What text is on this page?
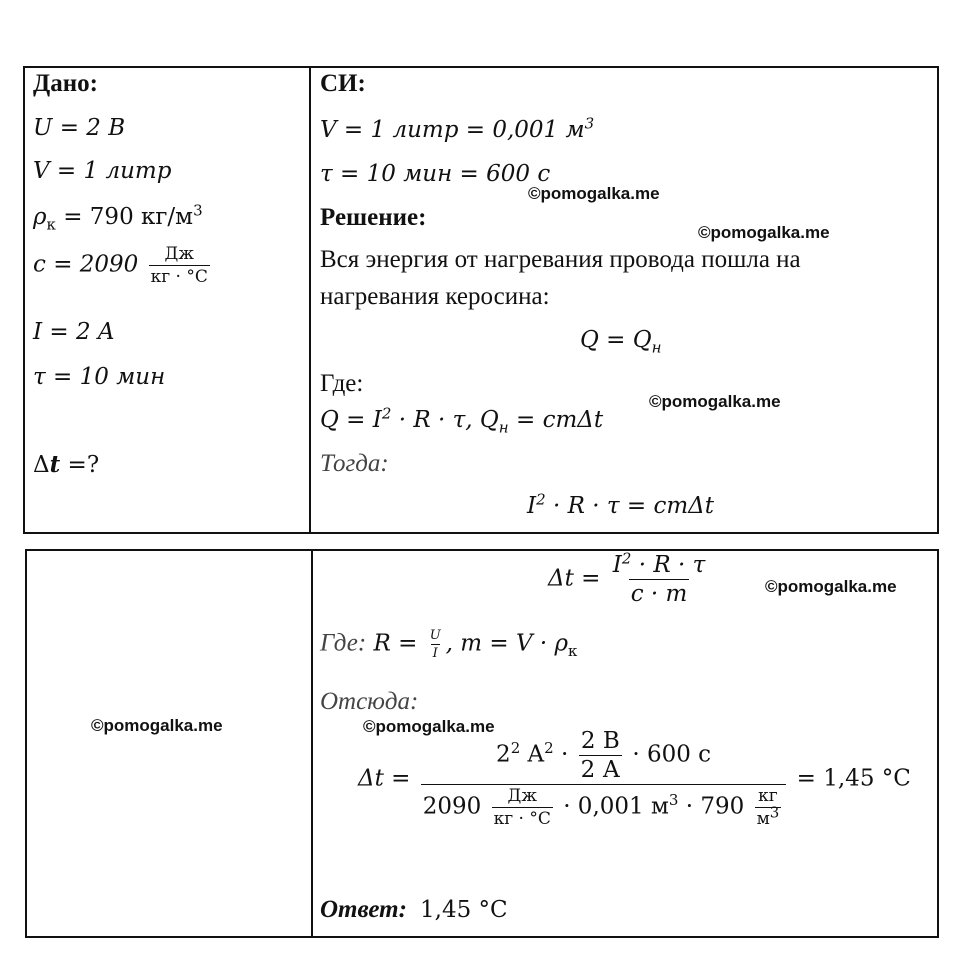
Дано:
U = 2 В
V = 1 литр
$\rho_к = 790$ $кг/м^3$
$c = 2090 \frac{Дж}{кг \cdot ^\circ С}$
I = 2 A
τ = 10 мин
Δt =?
СИ:
V = 1 литр = 0,001 $м^3$
τ = 10 мин = 600 с
Решение:
Вся энергия от нагревания провода пошла на
нагревания керосина:
$Q = Q_н$
Где:
$Q = I^2 \cdot R \cdot \tau$, $Q_н = cm\Delta t$
Тогда:
$I^2 \cdot R \cdot \tau = cm\Delta t$
$\Delta t = \frac{I^2 \cdot R \cdot \tau}{c \cdot m}$
Где: $R = \frac{U}{I}$ , $m = V \cdot \rho_к$
Отсюда:
$\Delta t = \frac{2^2 A^2 \cdot \frac{2 В}{2 А} \cdot 600 с}{2090 \frac{Дж}{кг \cdot ^\circ С} \cdot 0,001 м^3 \cdot 790 \frac{кг}{м3}} = 1,45$ °С
Ответ: 1,45 °С
©pomogalka.me
©pomogalka.me
©pomogalka.me
©pomogalka.me
©pomogalka.me	©pomogalka.me
